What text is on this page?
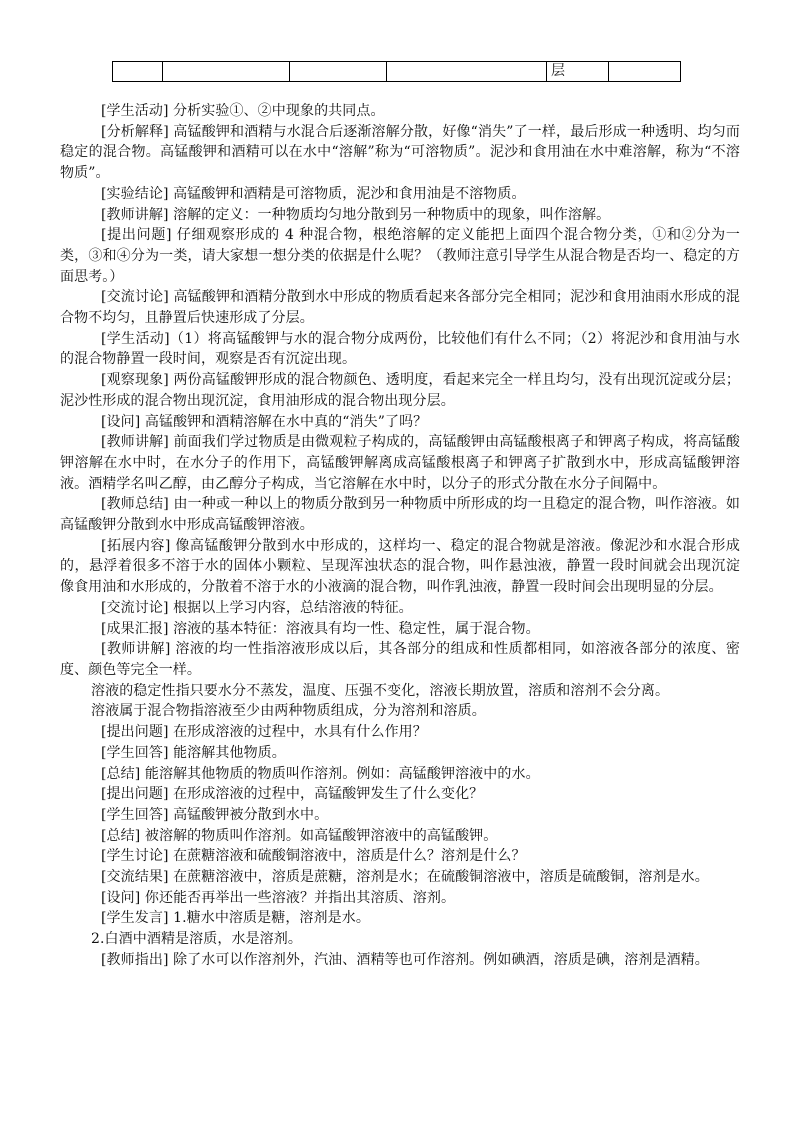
				层	

[学生活动] 分析实验①、②中现象的共同点。

[分析解释] 高锰酸钾和酒精与水混合后逐渐溶解分散，好像“消失”了一样，最后形成一种透明、均匀而稳定的混合物。高锰酸钾和酒精可以在水中“溶解”称为“可溶物质”。泥沙和食用油在水中难溶解，称为“不溶物质”。

[实验结论] 高锰酸钾和酒精是可溶物质，泥沙和食用油是不溶物质。

[教师讲解] 溶解的定义：一种物质均匀地分散到另一种物质中的现象，叫作溶解。

[提出问题] 仔细观察形成的 4 种混合物，根绝溶解的定义能把上面四个混合物分类，①和②分为一类，③和④分为一类，请大家想一想分类的依据是什么呢？（教师注意引导学生从混合物是否均一、稳定的方面思考。）

[交流讨论] 高锰酸钾和酒精分散到水中形成的物质看起来各部分完全相同；泥沙和食用油雨水形成的混合物不均匀，且静置后快速形成了分层。

[学生活动]（1）将高锰酸钾与水的混合物分成两份，比较他们有什么不同；（2）将泥沙和食用油与水的混合物静置一段时间，观察是否有沉淀出现。

[观察现象] 两份高锰酸钾形成的混合物颜色、透明度，看起来完全一样且均匀，没有出现沉淀或分层；泥沙性形成的混合物出现沉淀，食用油形成的混合物出现分层。

[设问] 高锰酸钾和酒精溶解在水中真的“消失”了吗？

[教师讲解] 前面我们学过物质是由微观粒子构成的，高锰酸钾由高锰酸根离子和钾离子构成，将高锰酸钾溶解在水中时，在水分子的作用下，高锰酸钾解离成高锰酸根离子和钾离子扩散到水中，形成高锰酸钾溶液。酒精学名叫乙醇，由乙醇分子构成，当它溶解在水中时，以分子的形式分散在水分子间隔中。

[教师总结] 由一种或一种以上的物质分散到另一种物质中所形成的均一且稳定的混合物，叫作溶液。如高锰酸钾分散到水中形成高锰酸钾溶液。

[拓展内容] 像高锰酸钾分散到水中形成的，这样均一、稳定的混合物就是溶液。像泥沙和水混合形成的，悬浮着很多不溶于水的固体小颗粒、呈现浑浊状态的混合物，叫作悬浊液，静置一段时间就会出现沉淀 像食用油和水形成的，分散着不溶于水的小液滴的混合物，叫作乳浊液，静置一段时间会出现明显的分层。

[交流讨论] 根据以上学习内容，总结溶液的特征。

[成果汇报] 溶液的基本特征：溶液具有均一性、稳定性，属于混合物。

[教师讲解] 溶液的均一性指溶液形成以后，其各部分的组成和性质都相同，如溶液各部分的浓度、密度、颜色等完全一样。

溶液的稳定性指只要水分不蒸发，温度、压强不变化，溶液长期放置，溶质和溶剂不会分离。

溶液属于混合物指溶液至少由两种物质组成，分为溶剂和溶质。

[提出问题] 在形成溶液的过程中，水具有什么作用？

[学生回答] 能溶解其他物质。

[总结] 能溶解其他物质的物质叫作溶剂。例如：高锰酸钾溶液中的水。

[提出问题] 在形成溶液的过程中，高锰酸钾发生了什么变化？

[学生回答] 高锰酸钾被分散到水中。

[总结] 被溶解的物质叫作溶剂。如高锰酸钾溶液中的高锰酸钾。

[学生讨论] 在蔗糖溶液和硫酸铜溶液中，溶质是什么？溶剂是什么？

[交流结果] 在蔗糖溶液中，溶质是蔗糖，溶剂是水；在硫酸铜溶液中，溶质是硫酸铜，溶剂是水。

[设问] 你还能否再举出一些溶液？并指出其溶质、溶剂。

[学生发言] 1.糖水中溶质是糖，溶剂是水。

2.白酒中酒精是溶质，水是溶剂。

[教师指出] 除了水可以作溶剂外，汽油、酒精等也可作溶剂。例如碘酒，溶质是碘，溶剂是酒精。
